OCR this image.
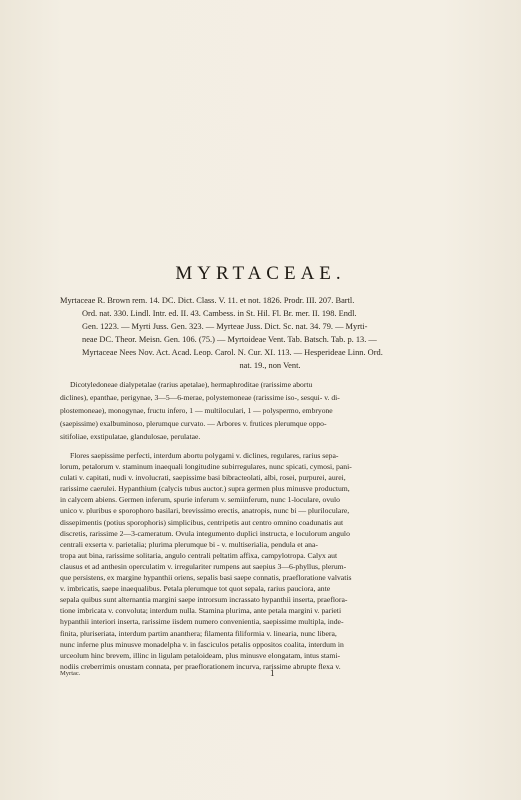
MYRTACEAE.
Myrtaceae R. Brown rem. 14. DC. Dict. Class. V. 11. et not. 1826. Prodr. III. 207. Bartl.
Ord. nat. 330. Lindl. Intr. ed. II. 43. Cambess. in St. Hil. Fl. Br. mer. II. 198. Endl.
Gen. 1223. — Myrti Juss. Gen. 323. — Myrteae Juss. Dict. Sc. nat. 34. 79. — Myrti-
neae DC. Theor. Meisn. Gen. 106. (75.) — Myrtoideae Vent. Tab. Batsch. Tab. p. 13. —
Myrtaceae Nees Nov. Act. Acad. Leop. Carol. N. Cur. XI. 113. — Hesperideae Linn. Ord.
nat. 19., non Vent.
Dicotyledoneae dialypetalae (rarius apetalae), hermaphroditae (rarissime abortu
diclines), epanthae, perigynae, 3—5—6-merae, polystemoneae (rarissime iso-, sesqui- v. di-
plostemoneae), monogynae, fructu infero, 1 — multiloculari, 1 — polyspermo, embryone
(saepissime) exalbuminoso, plerumque curvato. — Arbores v. frutices plerumque oppo-
sitifoliae, exstipulatae, glandulosae, perulatae.
Flores saepissime perfecti, interdum abortu polygami v. diclines, regulares, rarius sepa-
lorum, petalorum v. staminum inaequali longitudine subirregulares, nunc spicati, cymosi, pani-
culati v. capitati, nudi v. involucrati, saepissime basi bibracteolati, albi, rosei, purpurei, aurei,
rarissime caerulei. Hypanthium (calycis tubus auctor.) supra germen plus minusve productum,
in calycem abiens. Germen inferum, spurie inferum v. semiinferum, nunc 1-loculare, ovulo
unico v. pluribus e sporophoro basilari, brevissimo erectis, anatropis, nunc bi — pluriloculare,
dissepimentis (potius sporophoris) simplicibus, centripetis aut centro omnino coadunatis aut
discretis, rarissime 2—3-cameratum. Ovula integumento duplici instructa, e loculorum angulo
centrali exserta v. parietalia; plurima plerumque bi - v. multiserialia, pendula et ana-
tropa aut bina, rarissime solitaria, angulo centrali peltatim affixa, campylotropa. Calyx aut
clausus et ad anthesin operculatim v. irregulariter rumpens aut saepius 3—6-phyllus, plerum-
que persistens, ex margine hypanthii oriens, sepalis basi saepe connatis, praefloratione valvatis
v. imbricatis, saepe inaequalibus. Petala plerumque tot quot sepala, rarius pauciora, ante
sepala quibus sunt alternantia margini saepe introrsum incrassato hypanthii inserta, praeflora-
tione imbricata v. convoluta; interdum nulla. Stamina plurima, ante petala margini v. parieti
hypanthii interiori inserta, rarissime iisdem numero convenientia, saepissime multipla, inde-
finita, pluriseriata, interdum partim ananthera; filamenta filiformia v. linearia, nunc libera,
nunc inferne plus minusve monadelpha v. in fasciculos petalis oppositos coalita, interdum in
urceolum hinc brevem, illinc in ligulam petaloideam, plus minusve elongatam, intus stami-
nodiis creberrimis onustam connata, per praeflorationem incurva, rarissime abrupte flexa v.
Myrtac.	1
